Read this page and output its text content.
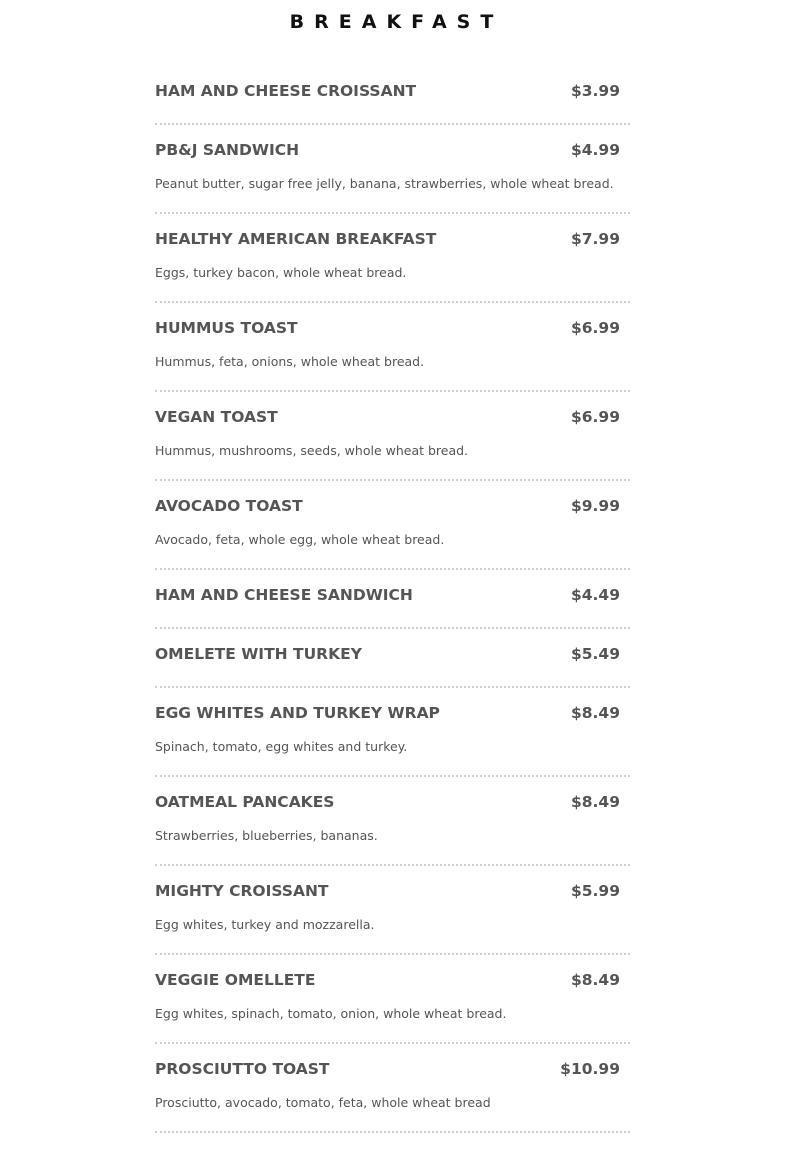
BREAKFAST
HAM AND CHEESE CROISSANT	$3.99
PB&J SANDWICH	$4.99
Peanut butter, sugar free jelly, banana, strawberries, whole wheat bread.
HEALTHY AMERICAN BREAKFAST	$7.99
Eggs, turkey bacon, whole wheat bread.
HUMMUS TOAST	$6.99
Hummus, feta, onions, whole wheat bread.
VEGAN TOAST	$6.99
Hummus, mushrooms, seeds, whole wheat bread.
AVOCADO TOAST	$9.99
Avocado, feta, whole egg, whole wheat bread.
HAM AND CHEESE SANDWICH	$4.49
OMELETE WITH TURKEY	$5.49
EGG WHITES AND TURKEY WRAP	$8.49
Spinach, tomato, egg whites and turkey.
OATMEAL PANCAKES	$8.49
Strawberries, blueberries, bananas.
MIGHTY CROISSANT	$5.99
Egg whites, turkey and mozzarella.
VEGGIE OMELLETE	$8.49
Egg whites, spinach, tomato, onion, whole wheat bread.
PROSCIUTTO TOAST	$10.99
Prosciutto, avocado, tomato, feta, whole wheat bread
